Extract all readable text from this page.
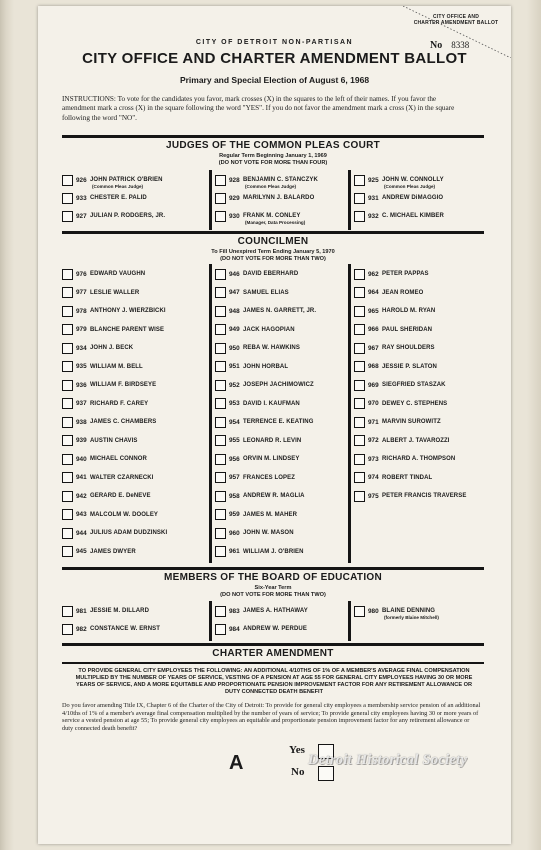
CITY OFFICE AND
CHARTER AMENDMENT BALLOT
No 8338
CITY OF DETROIT NON-PARTISAN
CITY OFFICE AND CHARTER AMENDMENT BALLOT
Primary and Special Election of August 6, 1968
INSTRUCTIONS: To vote for the candidates you favor, mark crosses (X) in the squares to the left of their names. If you favor the amendment mark a cross (X) in the square following the word "YES". If you do not favor the amendment mark a cross (X) in the square following the word "NO".
JUDGES OF THE COMMON PLEAS COURT
Regular Term Beginning January 1, 1969
(DO NOT VOTE FOR MORE THAN FOUR)
926 JOHN PATRICK O'BRIEN
(Common Pleas Judge)
933 CHESTER E. PALID
927 JULIAN P. RODGERS, JR.
928 BENJAMIN C. STANCZYK
(Common Pleas Judge)
929 MARILYNN J. BALARDO
930 FRANK M. CONLEY
(Manager, Data Processing)
925 JOHN W. CONNOLLY
(Common Pleas Judge)
931 ANDREW DiMAGGIO
932 C. MICHAEL KIMBER
COUNCILMEN
To Fill Unexpired Term Ending January 5, 1970
(DO NOT VOTE FOR MORE THAN TWO)
976 EDWARD VAUGHN
977 LESLIE WALLER
978 ANTHONY J. WIERZBICKI
979 BLANCHE PARENT WISE
934 JOHN J. BECK
935 WILLIAM M. BELL
936 WILLIAM F. BIRDSEYE
937 RICHARD F. CAREY
938 JAMES C. CHAMBERS
939 AUSTIN CHAVIS
940 MICHAEL CONNOR
941 WALTER CZARNECKI
942 GERARD E. DeNEVE
943 MALCOLM W. DOOLEY
944 JULIUS ADAM DUDZINSKI
945 JAMES DWYER
946 DAVID EBERHARD
947 SAMUEL ELIAS
948 JAMES N. GARRETT, JR.
949 JACK HAGOPIAN
950 REBA W. HAWKINS
951 JOHN HORBAL
952 JOSEPH JACHIMOWICZ
953 DAVID I. KAUFMAN
954 TERRENCE E. KEATING
955 LEONARD R. LEVIN
956 ORVIN M. LINDSEY
957 FRANCES LOPEZ
958 ANDREW R. MAGLIA
959 JAMES M. MAHER
960 JOHN W. MASON
961 WILLIAM J. O'BRIEN
962 PETER PAPPAS
964 JEAN ROMEO
965 HAROLD M. RYAN
966 PAUL SHERIDAN
967 RAY SHOULDERS
968 JESSIE P. SLATON
969 SIEGFRIED STASZAK
970 DEWEY C. STEPHENS
971 MARVIN SUROWITZ
972 ALBERT J. TAVAROZZI
973 RICHARD A. THOMPSON
974 ROBERT TINDAL
975 PETER FRANCIS TRAVERSE
MEMBERS OF THE BOARD OF EDUCATION
Six-Year Term
(DO NOT VOTE FOR MORE THAN TWO)
981 JESSIE M. DILLARD
982 CONSTANCE W. ERNST
983 JAMES A. HATHAWAY
984 ANDREW W. PERDUE
980 BLAINE DENNING
(formerly Blaine Mitchell)
CHARTER AMENDMENT
TO PROVIDE GENERAL CITY EMPLOYEES THE FOLLOWING: AN ADDITIONAL 4/10THS OF 1% OF A MEMBER'S AVERAGE FINAL COMPENSATION MULTIPLIED BY THE NUMBER OF YEARS OF SERVICE, VESTING OF A PENSION AT AGE 55 FOR GENERAL CITY EMPLOYEES HAVING 30 OR MORE YEARS OF SERVICE, AND A MORE EQUITABLE AND PROPORTIONATE PENSION IMPROVEMENT FACTOR FOR ANY RETIREMENT ALLOWANCE OR DUTY CONNECTED DEATH BENEFIT
Do you favor amending Title IX, Chapter 6 of the Charter of the City of Detroit: To provide for general city employees a membership service pension of an additional 4/10ths of 1% of a member's average final compensation multiplied by the number of years of service; To provide general city employees having 30 or more years of service a vested pension at age 55; To provide general city employees an equitable and proportionate pension improvement factor for any retirement allowance or duty connected death benefit?
A
Yes
No
Detroit Historical Society
